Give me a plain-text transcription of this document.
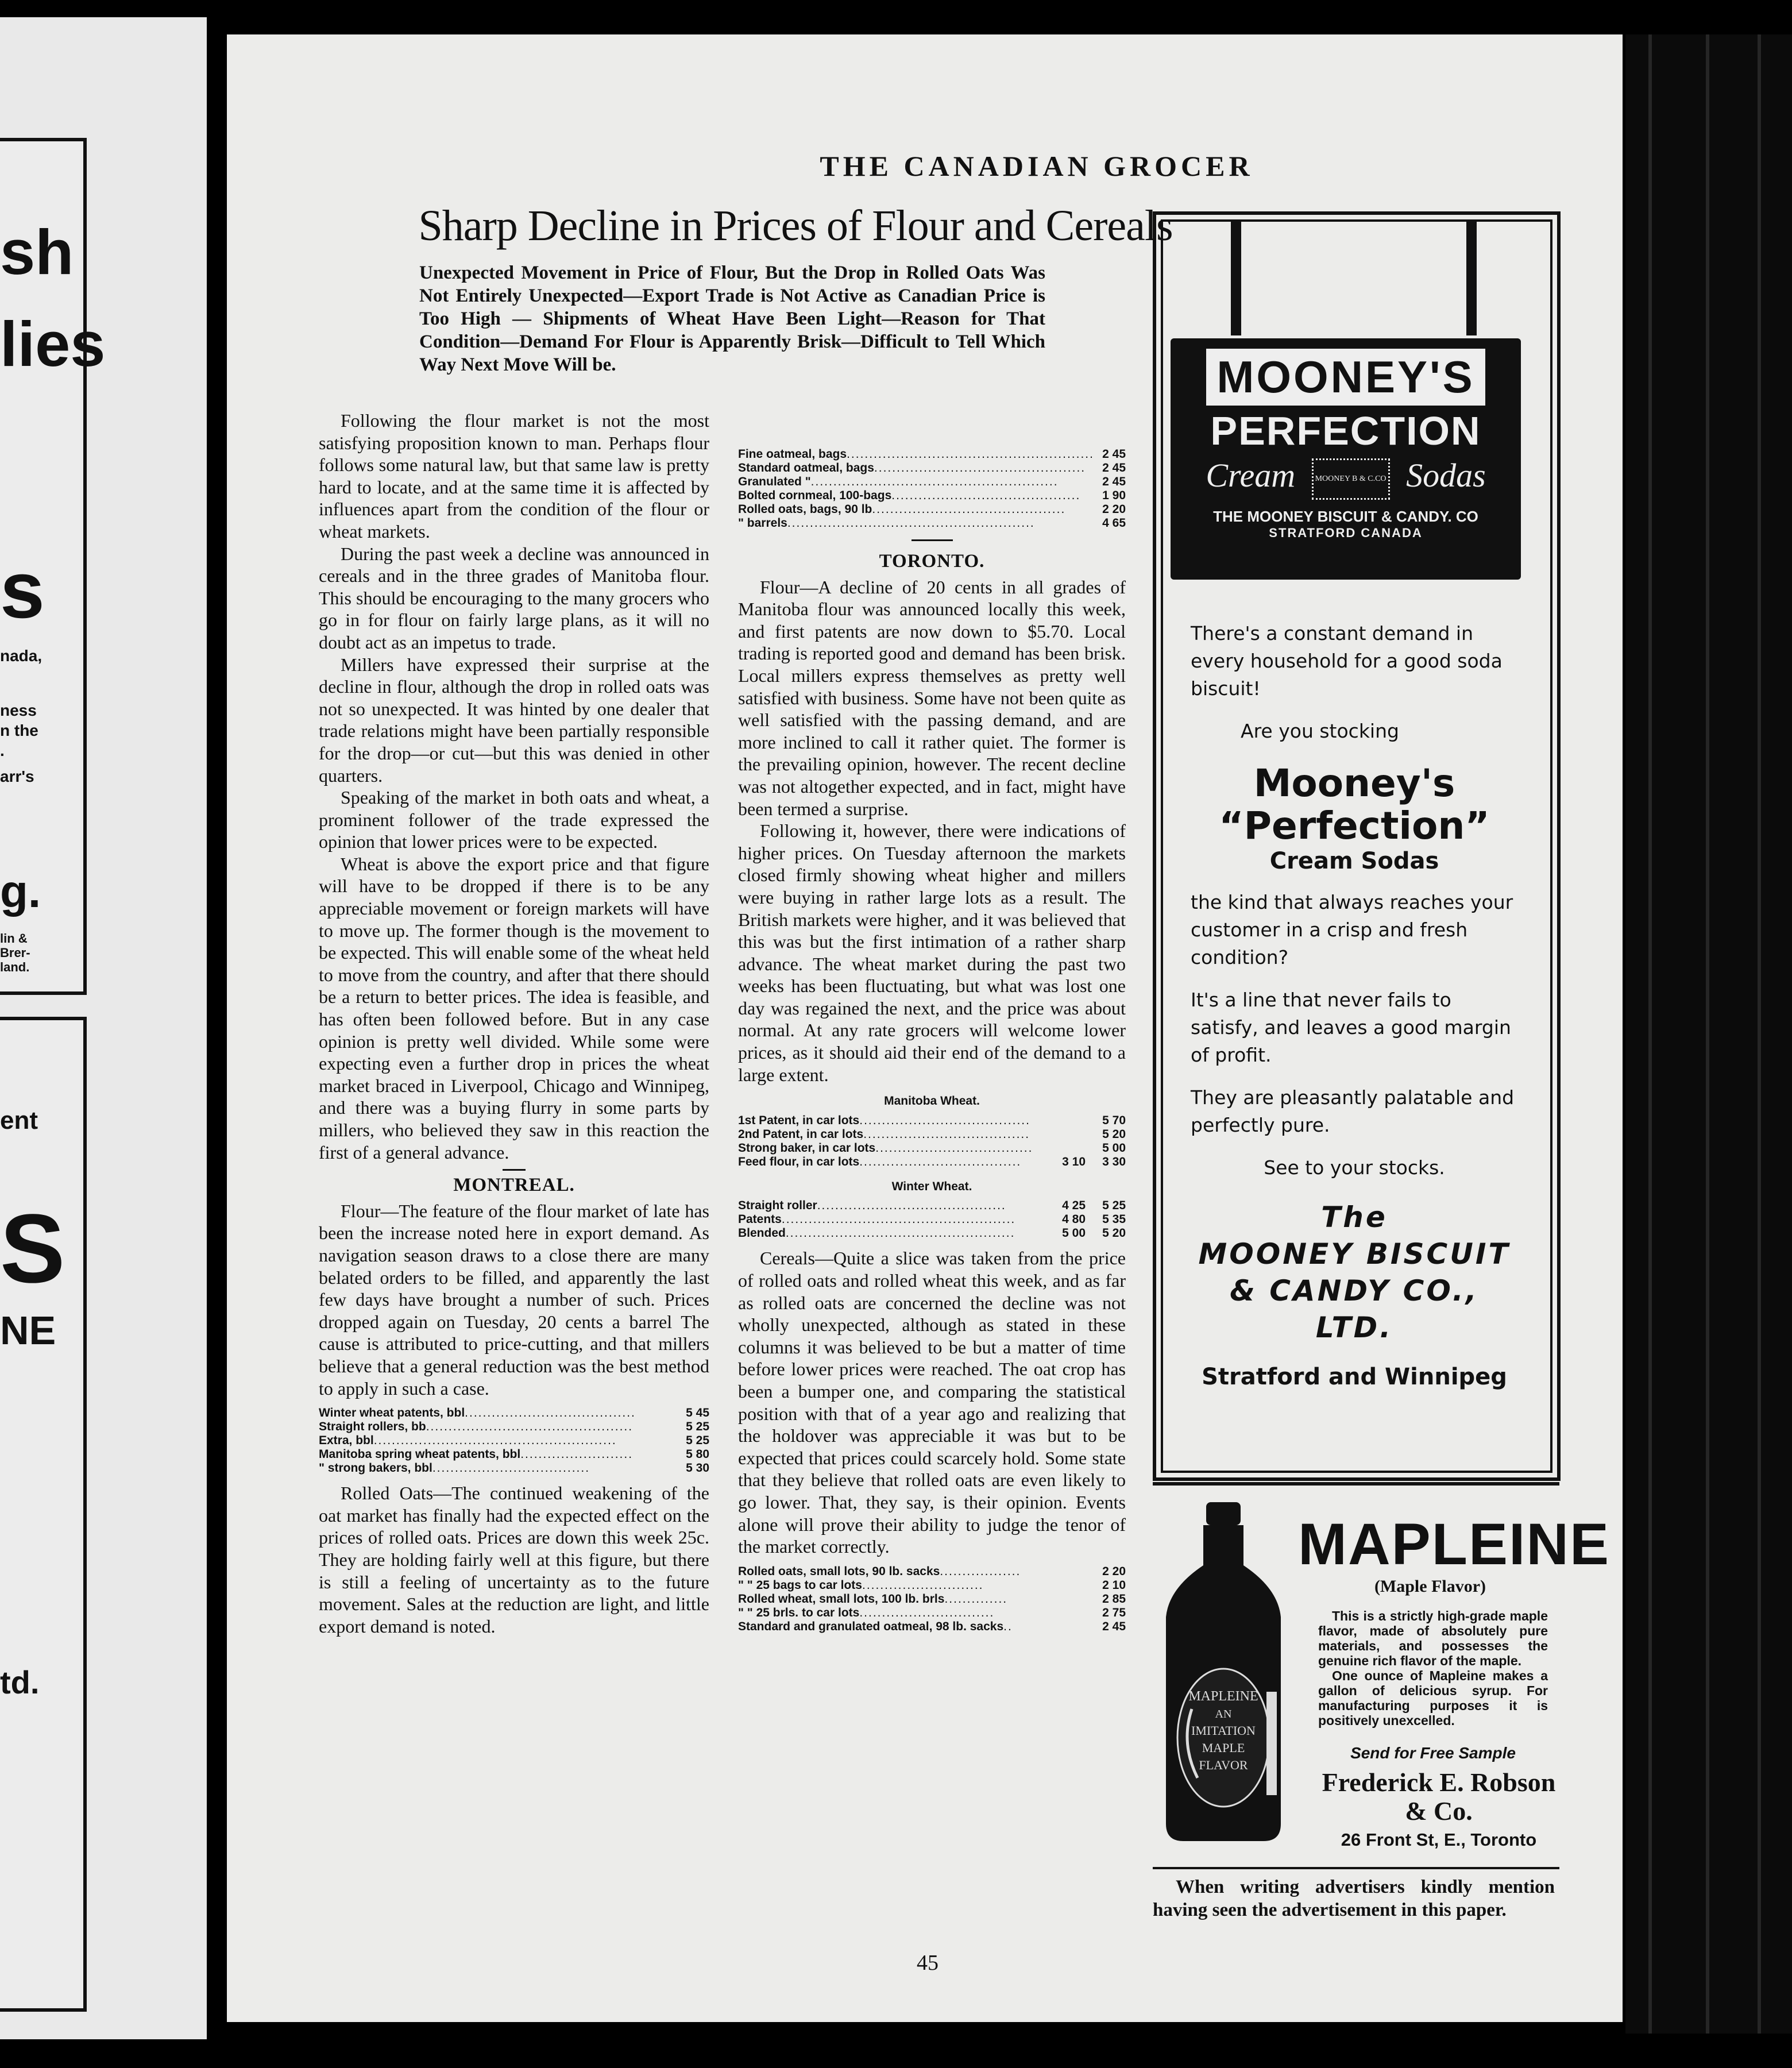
sh
lies
s
nada,
ness
n the
.
arr's
g.
lin &
Brer-
land.
ent
S
NE
td.
THE CANADIAN GROCER
Sharp Decline in Prices of Flour and Cereals
Unexpected Movement in Price of Flour, But the Drop in Rolled Oats Was Not Entirely Unexpected—Export Trade is Not Active as Canadian Price is Too High — Shipments of Wheat Have Been Light—Reason for That Condition—Demand For Flour is Apparently Brisk—Difficult to Tell Which Way Next Move Will be.

Following the flour market is not the most satisfying proposition known to man. Perhaps flour follows some natural law, but that same law is pretty hard to locate, and at the same time it is affected by influences apart from the condition of the flour or wheat markets.

During the past week a decline was announced in cereals and in the three grades of Manitoba flour. This should be encouraging to the many grocers who go in for flour on fairly large plans, as it will no doubt act as an impetus to trade.

Millers have expressed their surprise at the decline in flour, although the drop in rolled oats was not so unexpected. It was hinted by one dealer that trade relations might have been partially responsible for the drop—or cut—but this was denied in other quarters.

Speaking of the market in both oats and wheat, a prominent follower of the trade expressed the opinion that lower prices were to be expected.

Wheat is above the export price and that figure will have to be dropped if there is to be any appreciable movement or foreign markets will have to move up. The former though is the movement to be expected. This will enable some of the wheat held to move from the country, and after that there should be a return to better prices. The idea is feasible, and has often been followed before. But in any case opinion is pretty well divided. While some were expecting even a further drop in prices the wheat market braced in Liverpool, Chicago and Winnipeg, and there was a buying flurry in some parts by millers, who believed they saw in this reaction the first of a general advance.

MONTREAL.

Flour—The feature of the flour market of late has been the increase noted here in export demand. As navigation season draws to a close there are many belated orders to be filled, and apparently the last few days have brought a number of such. Prices dropped again on Tuesday, 20 cents a barrel The cause is attributed to price-cutting, and that millers believe that a general reduction was the best method to apply in such a case.

Winter wheat patents, bbl......................................	5 45
Straight rollers, bb..............................................	5 25
Extra, bbl......................................................	5 25
Manitoba spring wheat patents, bbl.........................	5 80
" strong bakers, bbl...................................	5 30

Rolled Oats—The continued weakening of the oat market has finally had the expected effect on the prices of rolled oats. Prices are down this week 25c. They are holding fairly well at this figure, but there is still a feeling of uncertainty as to the future movement. Sales at the reduction are light, and little export demand is noted.

Fine oatmeal, bags.......................................................	2 45
Standard oatmeal, bags...............................................	2 45
Granulated ".......................................................	2 45
Bolted cornmeal, 100-bags..........................................	1 90
Rolled oats, bags, 90 lb...........................................	2 20
" barrels.......................................................	4 65
TORONTO.

Flour—A decline of 20 cents in all grades of Manitoba flour was announced locally this week, and first patents are now down to $5.70. Local trading is reported good and demand has been brisk. Local millers express themselves as pretty well satisfied with business. Some have not been quite as well satisfied with the passing demand, and are more inclined to call it rather quiet. The former is the prevailing opinion, however. The recent decline was not altogether expected, and in fact, might have been termed a surprise.

Following it, however, there were indications of higher prices. On Tuesday afternoon the markets closed firmly showing wheat higher and millers were buying in rather large lots as a result. The British markets were higher, and it was believed that this was but the first intimation of a rather sharp advance. The wheat market during the past two weeks has been fluctuating, but what was lost one day was regained the next, and the price was about normal. At any rate grocers will welcome lower prices, as it should aid their end of the demand to a large extent.

Manitoba Wheat.
1st Patent, in car lots......................................		5 70
2nd Patent, in car lots.....................................		5 20
Strong baker, in car lots...................................		5 00
Feed flour, in car lots....................................	3 10	3 30
Winter Wheat.
Straight roller..........................................	4 25	5 25
Patents....................................................	4 80	5 35
Blended...................................................	5 00	5 20

Cereals—Quite a slice was taken from the price of rolled oats and rolled wheat this week, and as far as rolled oats are concerned the decline was not wholly unexpected, although as stated in these columns it was believed to be but a matter of time before lower prices were reached. The oat crop has been a bumper one, and comparing the statistical position with that of a year ago and realizing that the holdover was appreciable it was but to be expected that prices could scarcely hold. Some state that they believe that rolled oats are even likely to go lower. That, they say, is their opinion. Events alone will prove their ability to judge the tenor of the market correctly.

Rolled oats, small lots, 90 lb. sacks..................	2 20
" " 25 bags to car lots...........................	2 10
Rolled wheat, small lots, 100 lb. brls..............	2 85
" " 25 brls. to car lots..............................	2 75
Standard and granulated oatmeal, 98 lb. sacks..	2 45
45
MOONEY'S
PERFECTION
Cream MOONEY B & C.CO Sodas
THE MOONEY BISCUIT & CANDY. CO
STRATFORD CANADA

There's a constant demand in every household for a good soda biscuit!

Are you stocking

Mooney's
“Perfection”
Cream Sodas

the kind that always reaches your customer in a crisp and fresh condition?

It's a line that never fails to satisfy, and leaves a good margin of profit.

They are pleasantly palatable and perfectly pure.

See to your stocks.

The
MOONEY BISCUIT
& CANDY CO., LTD.
Stratford and Winnipeg
MAPLEINE
AN
IMITATION
MAPLE
FLAVOR
MAPLEINE
(Maple Flavor)

This is a strictly high-grade maple flavor, made of absolutely pure materials, and possesses the genuine rich flavor of the maple.

One ounce of Mapleine makes a gallon of delicious syrup. For manufacturing purposes it is positively unexcelled.

Send for Free Sample
Frederick E. Robson
& Co.
26 Front St, E., Toronto

When writing advertisers kindly mention having seen the advertisement in this paper.
